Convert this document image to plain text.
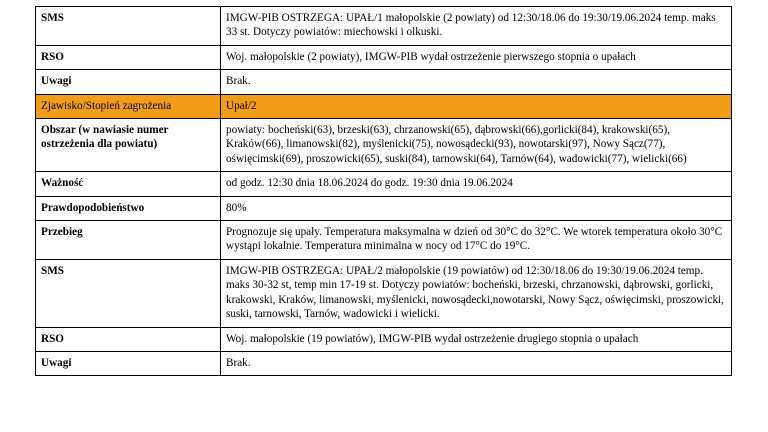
SMS	IMGW-PIB OSTRZEGA: UPAŁ/1 małopolskie (2 powiaty) od 12:30/18.06 do 19:30/19.06.2024 temp. maks 33 st. Dotyczy powiatów: miechowski i olkuski.
RSO	Woj. małopolskie (2 powiaty), IMGW-PIB wydał ostrzeżenie pierwszego stopnia o upałach
Uwagi	Brak.
Zjawisko/Stopień zagrożenia	Upał/2
Obszar (w nawiasie numer ostrzeżenia dla powiatu)	powiaty: bocheński(63), brzeski(63), chrzanowski(65), dąbrowski(66),gorlicki(84), krakowski(65), Kraków(66), limanowski(82), myślenicki(75), nowosądecki(93), nowotarski(97), Nowy Sącz(77), oświęcimski(69), proszowicki(65), suski(84), tarnowski(64), Tarnów(64), wadowicki(77), wielicki(66)
Ważność	od godz. 12:30 dnia 18.06.2024 do godz. 19:30 dnia 19.06.2024
Prawdopodobieństwo	80%
Przebieg	Prognozuje się upały. Temperatura maksymalna w dzień od 30°C do 32°C. We wtorek temperatura około 30°C wystąpi lokalnie. Temperatura minimalna w nocy od 17°C do 19°C.
SMS	IMGW-PIB OSTRZEGA: UPAŁ/2 małopolskie (19 powiatów) od 12:30/18.06 do 19:30/19.06.2024 temp. maks 30-32 st, temp min 17-19 st. Dotyczy powiatów: bocheński, brzeski, chrzanowski, dąbrowski, gorlicki, krakowski, Kraków, limanowski, myślenicki, nowosądecki,nowotarski, Nowy Sącz, oświęcimski, proszowicki, suski, tarnowski, Tarnów, wadowicki i wielicki.
RSO	Woj. małopolskie (19 powiatów), IMGW-PIB wydał ostrzeżenie drugiego stopnia o upałach
Uwagi	Brak.
